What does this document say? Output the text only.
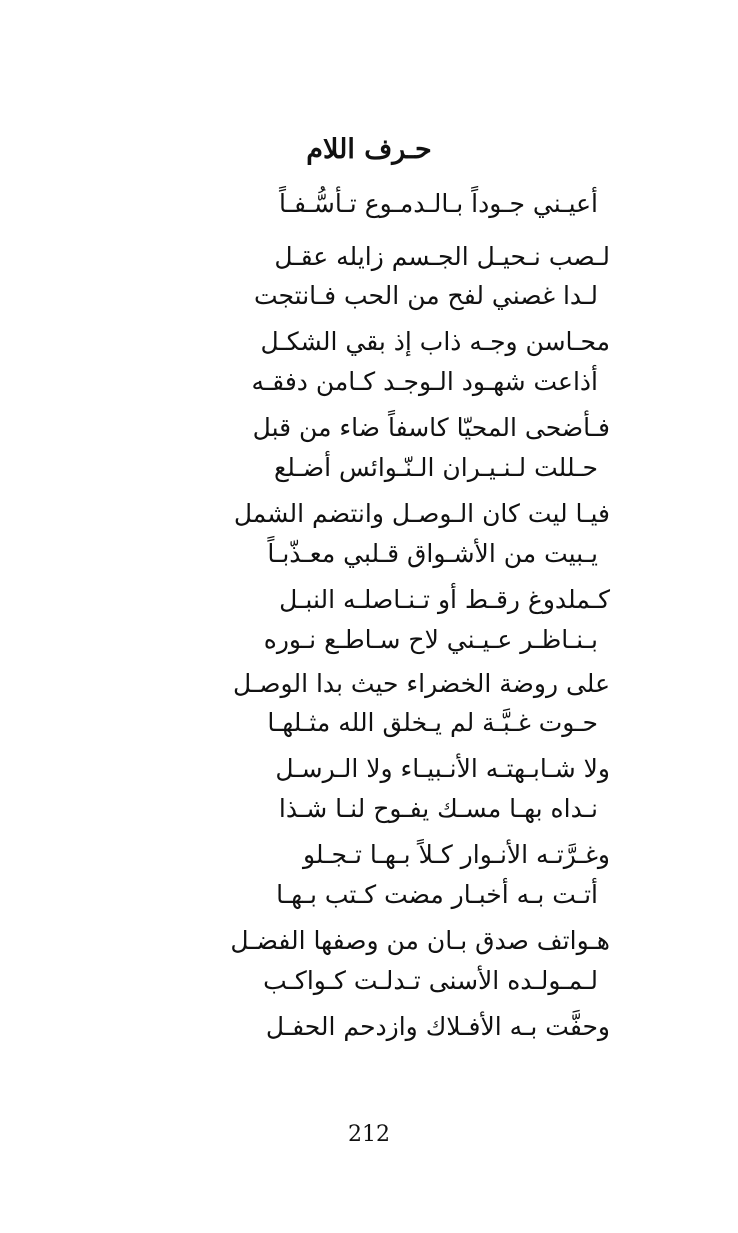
حـرف اللام
أعيـني جـوداً بـالـدمـوع تـأسُّـفـاً
لـصب نـحيـل الجـسم زايله عقـل
لـدا غصني لفح من الحب فـانتجت
محـاسن وجـه ذاب إذ بقي الشكـل
أذاعت شهـود الـوجـد كـامن دفقـه
فـأضحى المحيّا كاسفاً ضاء من قبل
حـللت لـنـيـران الـنّـوائس أضـلع
فيـا ليت كان الـوصـل وانتضم الشمل
يـبيت من الأشـواق قـلبي معـذّبـاً
كـملدوغ رقـط أو تـنـاصلـه النبـل
بـنـاظـر عـيـني لاح سـاطـع نـوره
على روضة الخضراء حيث بدا الوصـل
حـوت غـبَّـة لم يـخلق الله مثـلهـا
ولا شـابـهتـه الأنـبيـاء ولا الـرسـل
نـداه بهـا مسـك يفـوح لنـا شـذا
وغـرَّتـه الأنـوار كـلاً بـهـا تـجـلو
أتـت بـه أخبـار مضت كـتب بـهـا
هـواتف صدق بـان من وصفها الفضـل
لـمـولـده الأسنى تـدلـت كـواكـب
وحفَّت بـه الأفـلاك وازدحم الحفـل
212
